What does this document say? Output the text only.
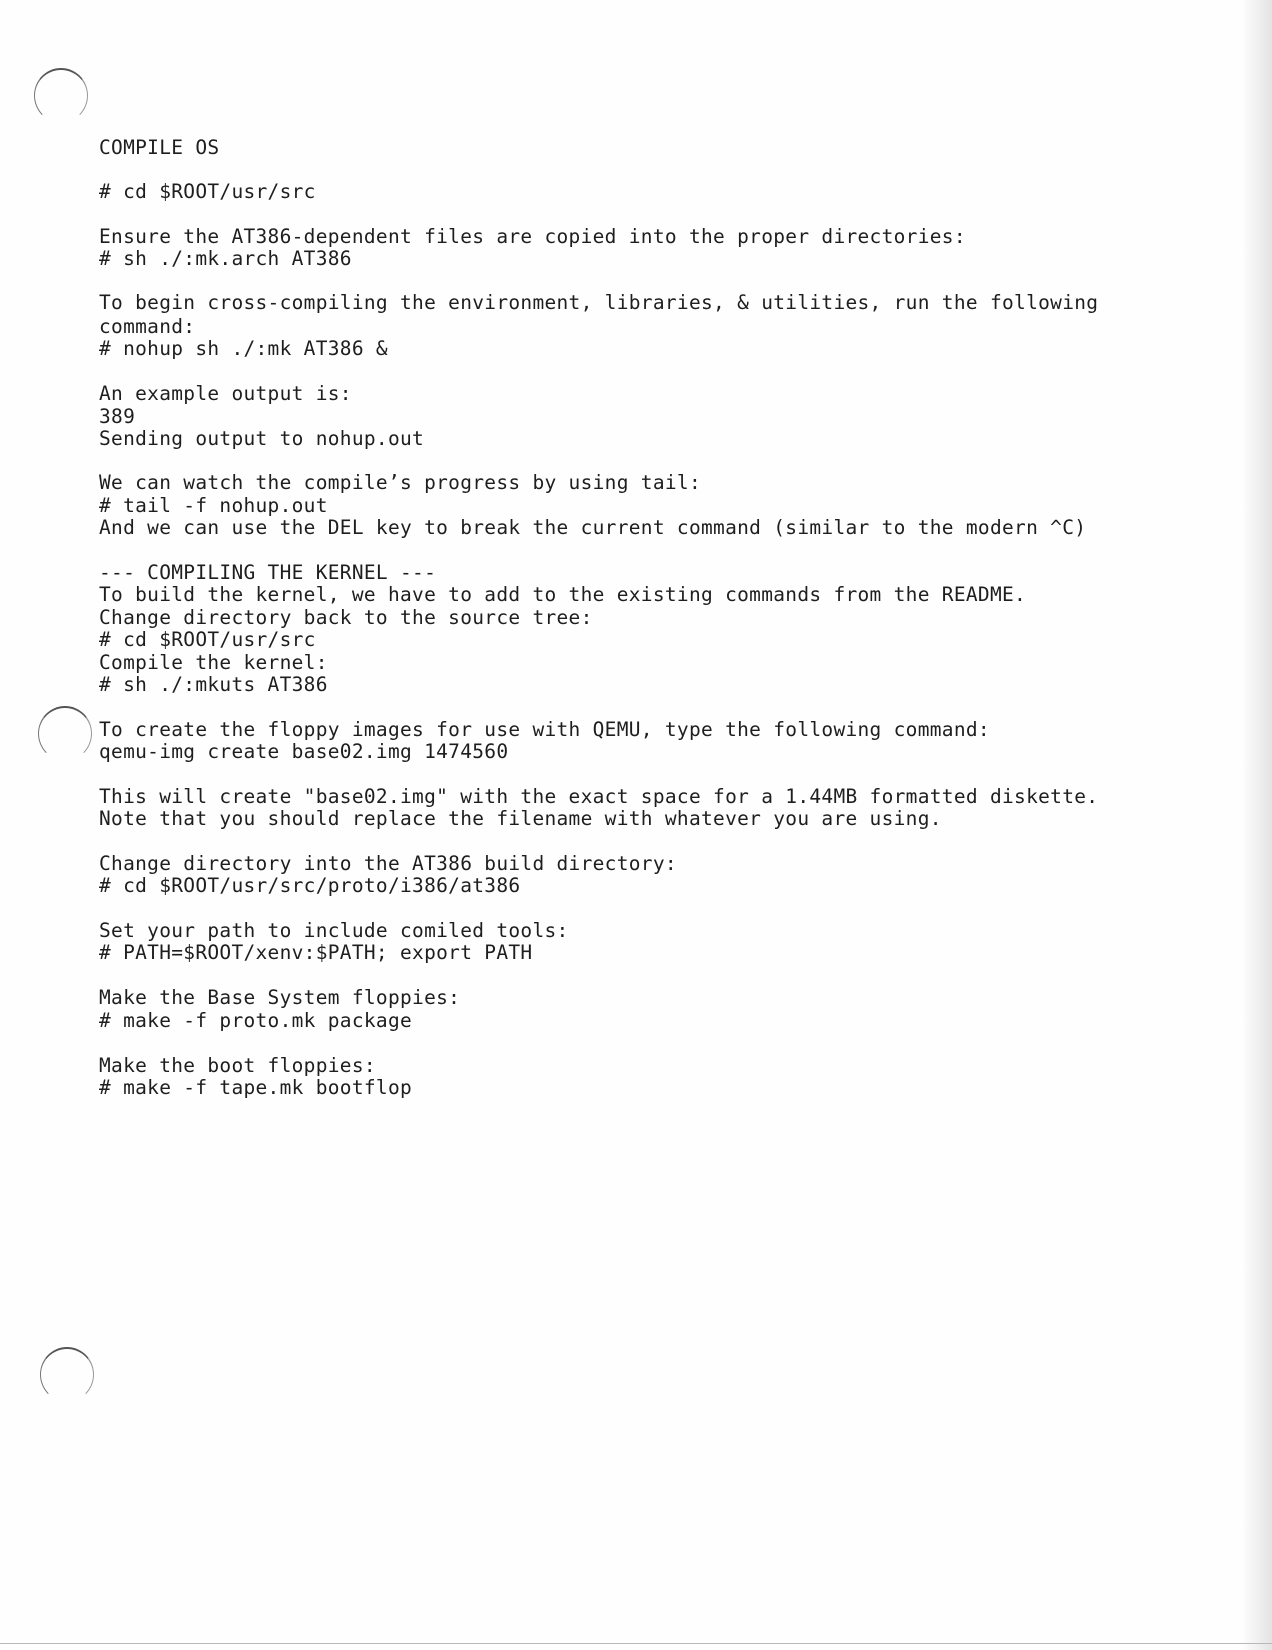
COMPILE OS
# cd $ROOT/usr/src
Ensure the AT386-dependent files are copied into the proper directories:
# sh ./:mk.arch AT386
To begin cross-compiling the environment, libraries, & utilities, run the following
command:
# nohup sh ./:mk AT386 &
An example output is:
389
Sending output to nohup.out
We can watch the compile’s progress by using tail:
# tail -f nohup.out
And we can use the DEL key to break the current command (similar to the modern ^C)
--- COMPILING THE KERNEL ---
To build the kernel, we have to add to the existing commands from the README.
Change directory back to the source tree:
# cd $ROOT/usr/src
Compile the kernel:
# sh ./:mkuts AT386
To create the floppy images for use with QEMU, type the following command:
qemu-img create base02.img 1474560
This will create "base02.img" with the exact space for a 1.44MB formatted diskette.
Note that you should replace the filename with whatever you are using.
Change directory into the AT386 build directory:
# cd $ROOT/usr/src/proto/i386/at386
Set your path to include comiled tools:
# PATH=$ROOT/xenv:$PATH; export PATH
Make the Base System floppies:
# make -f proto.mk package
Make the boot floppies:
# make -f tape.mk bootflop
